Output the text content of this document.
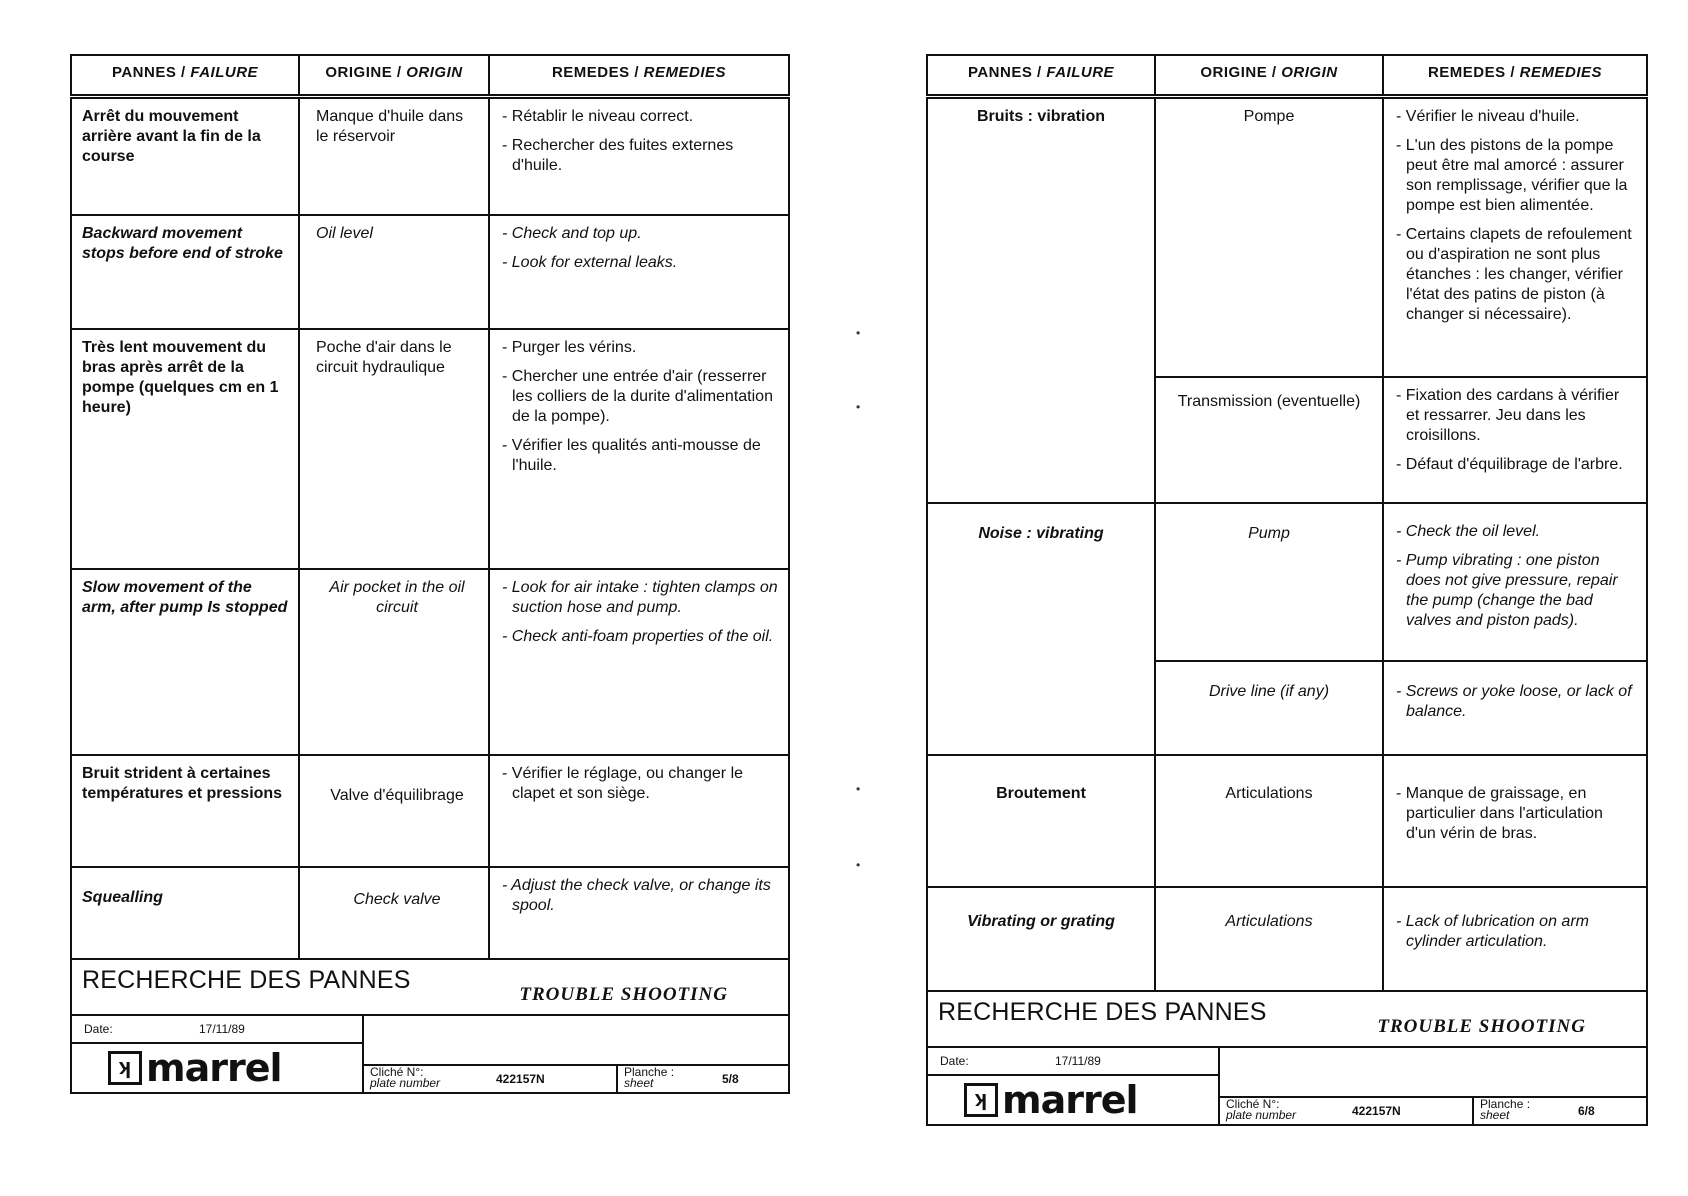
PANNES / FAILURE	ORIGINE / ORIGIN	REMEDES / REMEDIES
Arrêt du mouvement arrière avant la fin de la course	Manque d'huile dans le réservoir	- Rétablir le niveau correct.

- Rechercher des fuites externes d'huile.

Backward movement stops before end of stroke	Oil level	- Check and top up.

- Look for external leaks.

Très lent mouvement du bras après arrêt de la pompe (quelques cm en 1 heure)	Poche d'air dans le circuit hydraulique	- Purger les vérins.

- Chercher une entrée d'air (resserrer les colliers de la durite d'alimentation de la pompe).

- Vérifier les qualités anti-mousse de l'huile.

Slow movement of the arm, after pump Is stopped	Air pocket in the oil circuit	- Look for air intake : tighten clamps on suction hose and pump.

- Check anti-foam properties of the oil.

Bruit strident à certaines températures et pressions	Valve d'équilibrage	- Vérifier le réglage, ou changer le clapet et son siège.

Squealling	Check valve	- Adjust the check valve, or change its spool.

RECHERCHE DES PANNES
TROUBLE SHOOTING
Date:	17/11/89
ʞ marrel	Cliché N°:
plate number	422157N	Planche :
sheet	5/8
PANNES / FAILURE	ORIGINE / ORIGIN	REMEDES / REMEDIES
Bruits : vibration	Pompe	- Vérifier le niveau d'huile.

- L'un des pistons de la pompe peut être mal amorcé : assurer son remplissage, vérifier que la pompe est bien alimentée.

- Certains clapets de refoulement ou d'aspiration ne sont plus étanches : les changer, vérifier l'état des patins de piston (à changer si nécessaire).

	Transmission (eventuelle)	- Fixation des cardans à vérifier et ressarrer. Jeu dans les croisillons.

- Défaut d'équilibrage de l'arbre.

Noise : vibrating	Pump	- Check the oil level.

- Pump vibrating : one piston does not give pressure, repair the pump (change the bad valves and piston pads).

	Drive line (if any)	- Screws or yoke loose, or lack of balance.

Broutement	Articulations	- Manque de graissage, en particulier dans l'articulation d'un vérin de bras.

Vibrating or grating	Articulations	- Lack of lubrication on arm cylinder articulation.

RECHERCHE DES PANNES
TROUBLE SHOOTING
Date:	17/11/89
ʞ marrel	Cliché N°:
plate number	422157N	Planche :
sheet	6/8
•
•
•
•
